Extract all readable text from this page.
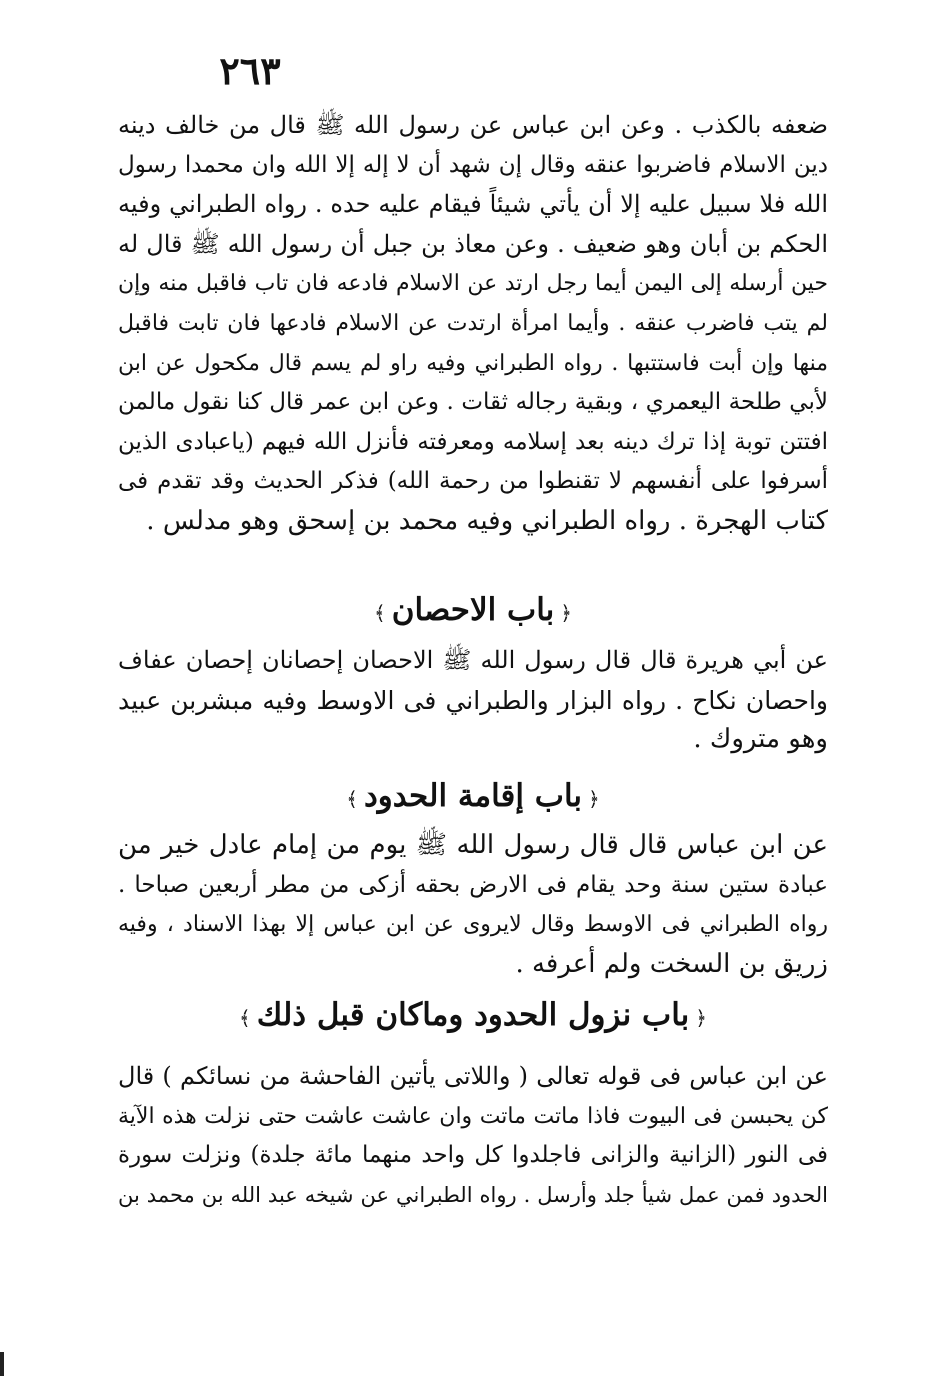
٢٦٣
ضعفه بالكذب . وعن ابن عباس عن رسول الله ﷺ قال من خالف دينه
دين الاسلام فاضربوا عنقه وقال إن شهد أن لا إله إلا الله وان محمدا رسول
الله فلا سبيل عليه إلا أن يأتي شيئاً فيقام عليه حده . رواه الطبراني وفيه
الحكم بن أبان وهو ضعيف . وعن معاذ بن جبل أن رسول الله ﷺ قال له
حين أرسله إلى اليمن أيما رجل ارتد عن الاسلام فادعه فان تاب فاقبل منه وإن
لم يتب فاضرب عنقه . وأيما امرأة ارتدت عن الاسلام فادعها فان تابت فاقبل
منها وإن أبت فاستتبها . رواه الطبراني وفيه راو لم يسم قال مكحول عن ابن
لأبي طلحة اليعمري ، وبقية رجاله ثقات . وعن ابن عمر قال كنا نقول مالمن
افتتن توبة إذا ترك دينه بعد إسلامه ومعرفته فأنزل الله فيهم (ياعبادى الذين
أسرفوا على أنفسهم لا تقنطوا من رحمة الله) فذكر الحديث وقد تقدم فى
كتاب الهجرة . رواه الطبراني وفيه محمد بن إسحق وهو مدلس .
﴿باب الاحصان﴾
عن أبي هريرة قال قال رسول الله ﷺ الاحصان إحصانان إحصان عفاف
واحصان نكاح . رواه البزار والطبراني فى الاوسط وفيه مبشربن عبيد
وهو متروك .
﴿باب إقامة الحدود﴾
عن ابن عباس قال قال رسول الله ﷺ يوم من إمام عادل خير من
عبادة ستين سنة وحد يقام فى الارض بحقه أزكى من مطر أربعين صباحا .
رواه الطبراني فى الاوسط وقال لايروى عن ابن عباس إلا بهذا الاسناد ، وفيه
زريق بن السخت ولم أعرفه .
﴿باب نزول الحدود وماكان قبل ذلك﴾
عن ابن عباس فى قوله تعالى ( واللاتى يأتين الفاحشة من نسائكم ) قال
كن يحبسن فى البيوت فاذا ماتت ماتت وان عاشت عاشت حتى نزلت هذه الآية
فى النور (الزانية والزانى فاجلدوا كل واحد منهما مائة جلدة) ونزلت سورة
الحدود فمن عمل شيأ جلد وأرسل . رواه الطبراني عن شيخه عبد الله بن محمد بن
